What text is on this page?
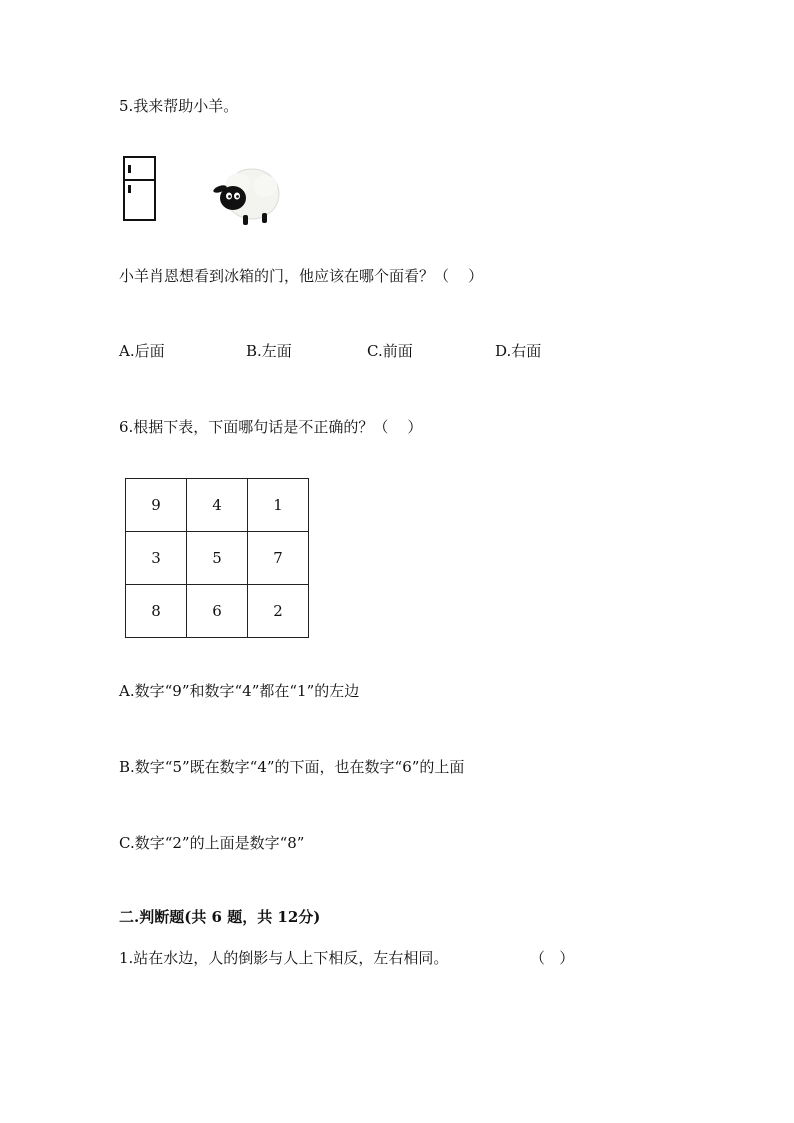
5.我来帮助小羊。
小羊肖恩想看到冰箱的门，他应该在哪个面看？（    ）
A.后面	B.左面	C.前面	D.右面
6.根据下表，下面哪句话是不正确的？（    ）
9	4	1
3	5	7
8	6	2
A.数字“9”和数字“4”都在“1”的左边
B.数字“5”既在数字“4”的下面，也在数字“6”的上面
C.数字“2”的上面是数字“8”
二.判断题(共 6 题，共 12分)
1.站在水边，人的倒影与人上下相反，左右相同。	（   ）
